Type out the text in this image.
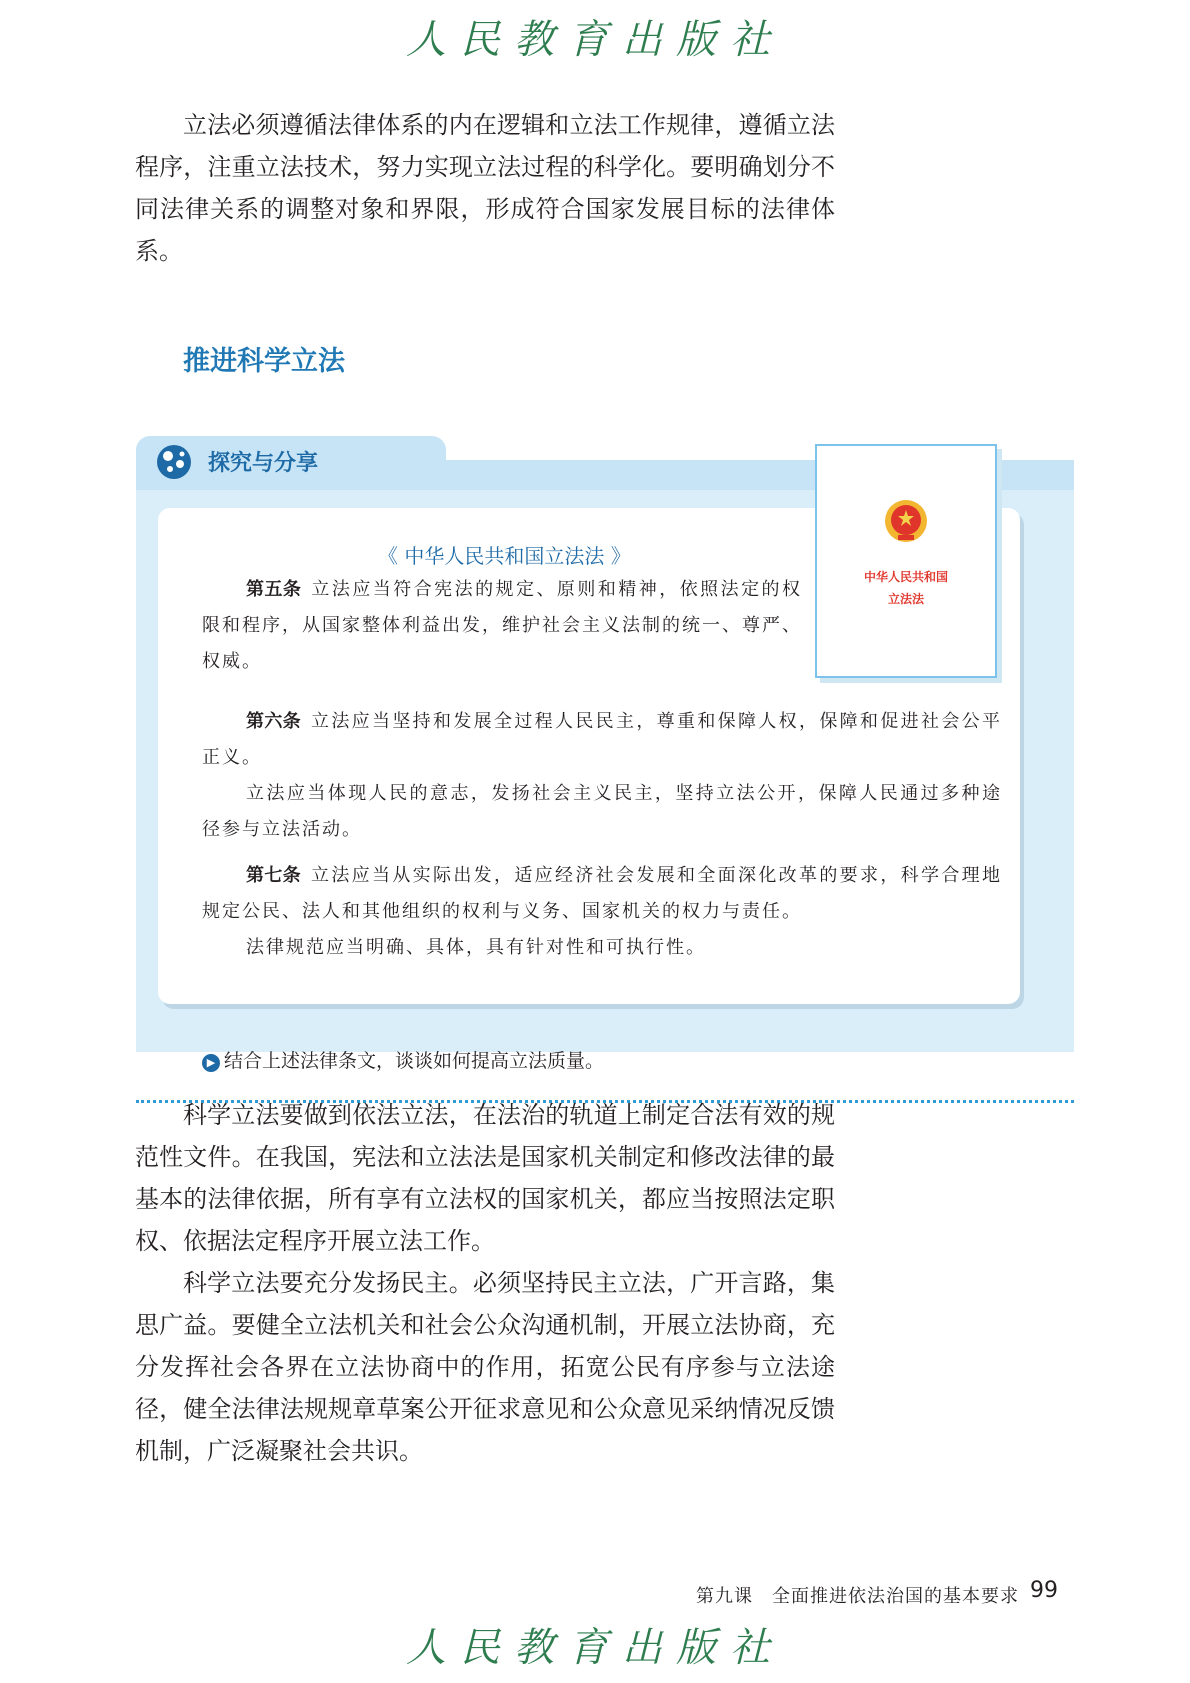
人民教育出版社

立法必须遵循法律体系的内在逻辑和立法工作规律，遵循立法程序，注重立法技术，努力实现立法过程的科学化。要明确划分不同法律关系的调整对象和界限，形成符合国家发展目标的法律体系。

推进科学立法
探究与分享
《 中华人民共和国立法法 》

第五条 立法应当符合宪法的规定、原则和精神，依照法定的权限和程序，从国家整体利益出发，维护社会主义法制的统一、尊严、权威。

第六条 立法应当坚持和发展全过程人民民主，尊重和保障人权，保障和促进社会公平正义。

立法应当体现人民的意志，发扬社会主义民主，坚持立法公开，保障人民通过多种途径参与立法活动。

第七条 立法应当从实际出发，适应经济社会发展和全面深化改革的要求，科学合理地规定公民、法人和其他组织的权利与义务、国家机关的权力与责任。

法律规范应当明确、具体，具有针对性和可执行性。

▶ 结合上述法律条文，谈谈如何提高立法质量。
中华人民共和国
立法法

科学立法要做到依法立法，在法治的轨道上制定合法有效的规范性文件。在我国，宪法和立法法是国家机关制定和修改法律的最基本的法律依据，所有享有立法权的国家机关，都应当按照法定职权、依据法定程序开展立法工作。

科学立法要充分发扬民主。必须坚持民主立法，广开言路，集思广益。要健全立法机关和社会公众沟通机制，开展立法协商，充分发挥社会各界在立法协商中的作用，拓宽公民有序参与立法途径，健全法律法规规章草案公开征求意见和公众意见采纳情况反馈机制，广泛凝聚社会共识。

第九课　全面推进依法治国的基本要求 99
人民教育出版社
